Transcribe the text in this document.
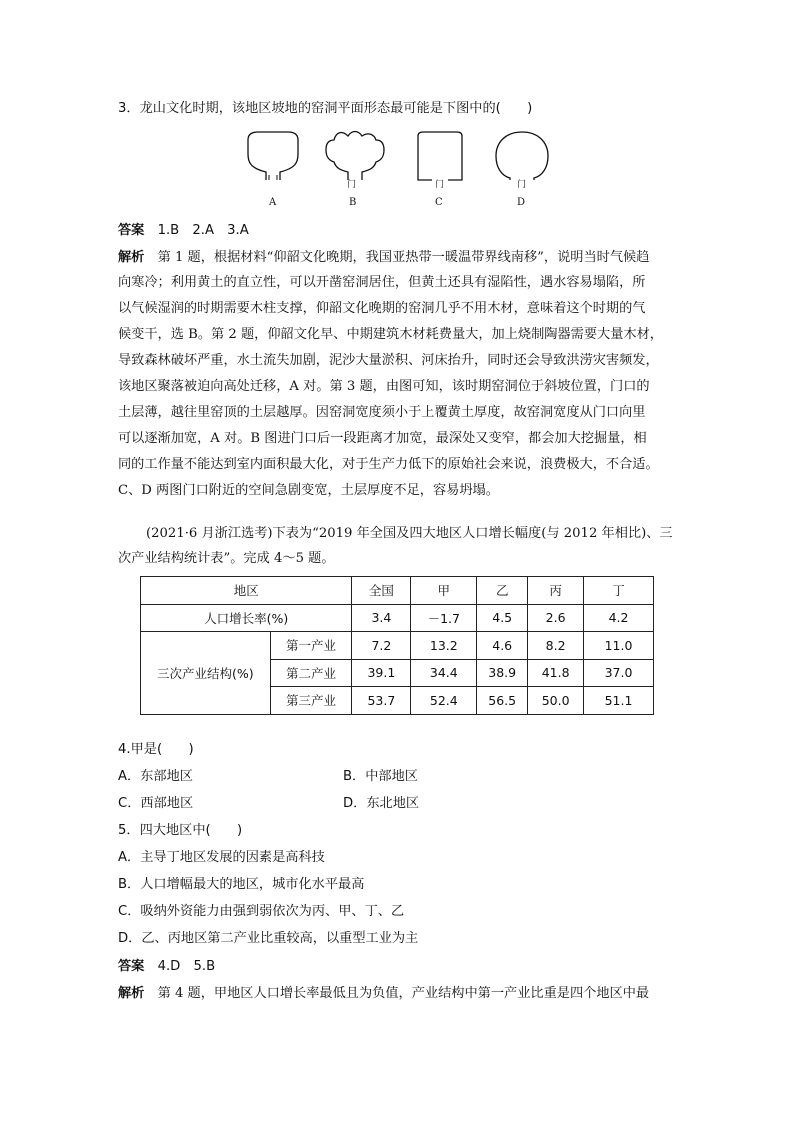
3．龙山文化时期，该地区坡地的窑洞平面形态最可能是下图中的(　　)
门	门	门
A	B	C	D
答案　 1.B　2.A　3.A
解析　 第 1 题，根据材料“仰韶文化晚期，我国亚热带一暖温带界线南移”，说明当时气候趋
向寒冷；利用黄土的直立性，可以开凿窑洞居住，但黄土还具有湿陷性，遇水容易塌陷，所
以气候湿润的时期需要木柱支撑，仰韶文化晚期的窑洞几乎不用木材，意味着这个时期的气
候变干，选 B。第 2 题，仰韶文化早、中期建筑木材耗费量大，加上烧制陶器需要大量木材，
导致森林破坏严重，水土流失加剧，泥沙大量淤积、河床抬升，同时还会导致洪涝灾害频发，
该地区聚落被迫向高处迁移，A 对。第 3 题，由图可知，该时期窑洞位于斜坡位置，门口的
土层薄，越往里窑顶的土层越厚。因窑洞宽度须小于上覆黄土厚度，故窑洞宽度从门口向里
可以逐渐加宽，A 对。B 图进门口后一段距离才加宽，最深处又变窄，都会加大挖掘量，相
同的工作量不能达到室内面积最大化，对于生产力低下的原始社会来说，浪费极大，不合适。
C、D 两图门口附近的空间急剧变宽，土层厚度不足，容易坍塌。
(2021·6 月浙江选考)下表为“2019 年全国及四大地区人口增长幅度(与 2012 年相比)、三
次产业结构统计表”。完成 4～5 题。
地区		全国	甲	乙	丙	丁
人口增长率(%)		3.4	－1.7	4.5	2.6	4.2
三次产业结构(%)	第一产业	7.2	13.2	4.6	8.2	11.0
	第二产业	39.1	34.4	38.9	41.8	37.0
	第三产业	53.7	52.4	56.5	50.0	51.1
4.甲是(　　)
A．东部地区	B．中部地区
C．西部地区	D．东北地区
5．四大地区中(　　)
A．主导丁地区发展的因素是高科技
B．人口增幅最大的地区，城市化水平最高
C．吸纳外资能力由强到弱依次为丙、甲、丁、乙
D．乙、丙地区第二产业比重较高，以重型工业为主
答案　 4.D　5.B
解析　 第 4 题，甲地区人口增长率最低且为负值，产业结构中第一产业比重是四个地区中最
